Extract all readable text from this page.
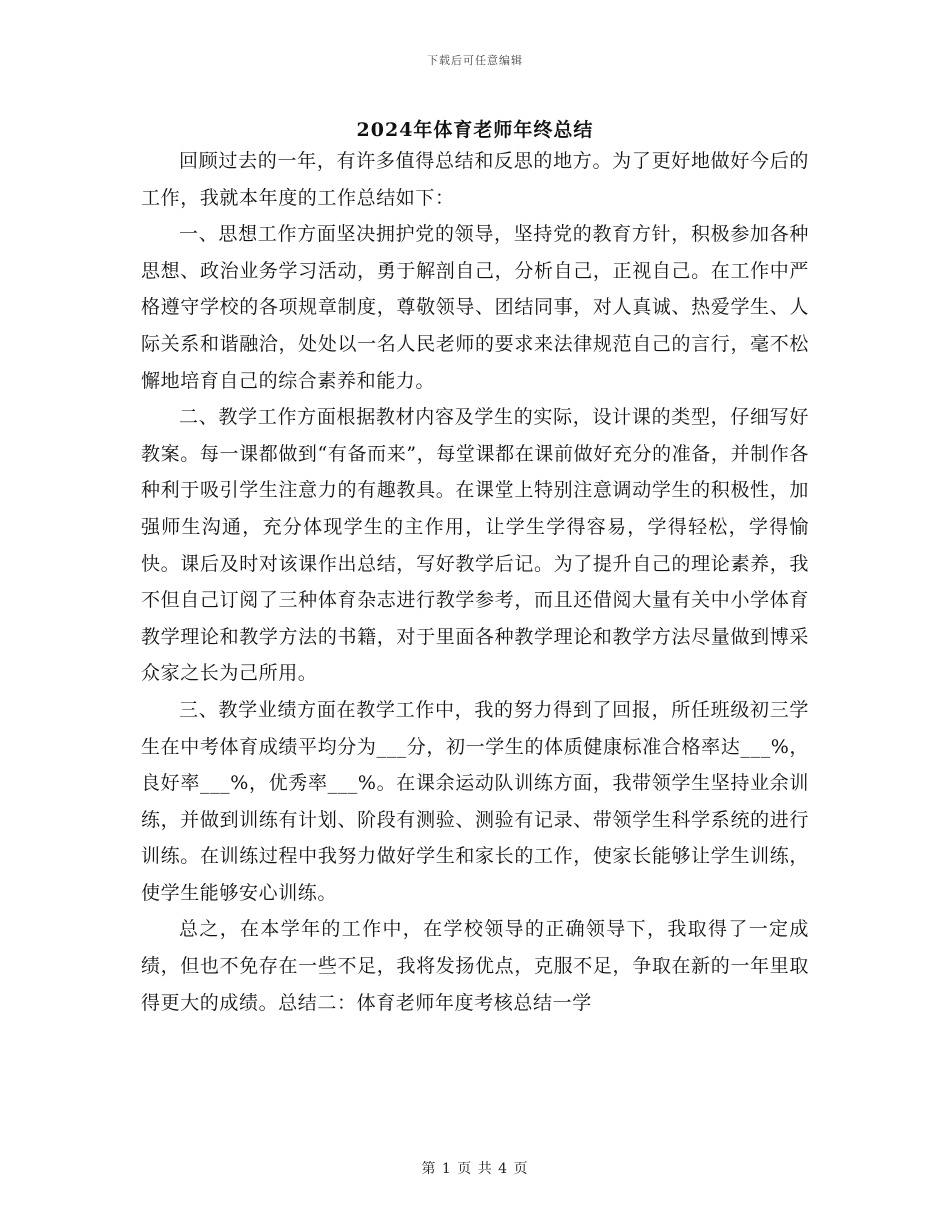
下载后可任意编辑
2024年体育老师年终总结

回顾过去的一年，有许多值得总结和反思的地方。为了更好地做好今后的工作，我就本年度的工作总结如下：

一、思想工作方面坚决拥护党的领导，坚持党的教育方针，积极参加各种思想、政治业务学习活动，勇于解剖自己，分析自己，正视自己。在工作中严格遵守学校的各项规章制度，尊敬领导、团结同事，对人真诚、热爱学生、人际关系和谐融洽，处处以一名人民老师的要求来法律规范自己的言行，毫不松懈地培育自己的综合素养和能力。

二、教学工作方面根据教材内容及学生的实际，设计课的类型，仔细写好教案。每一课都做到“有备而来”，每堂课都在课前做好充分的准备，并制作各种利于吸引学生注意力的有趣教具。在课堂上特别注意调动学生的积极性，加强师生沟通，充分体现学生的主作用，让学生学得容易，学得轻松，学得愉快。课后及时对该课作出总结，写好教学后记。为了提升自己的理论素养，我不但自己订阅了三种体育杂志进行教学参考，而且还借阅大量有关中小学体育教学理论和教学方法的书籍，对于里面各种教学理论和教学方法尽量做到博采众家之长为己所用。

三、教学业绩方面在教学工作中，我的努力得到了回报，所任班级初三学生在中考体育成绩平均分为___分，初一学生的体质健康标准合格率达___%，良好率___%，优秀率___%。在课余运动队训练方面，我带领学生坚持业余训练，并做到训练有计划、阶段有测验、测验有记录、带领学生科学系统的进行训练。在训练过程中我努力做好学生和家长的工作，使家长能够让学生训练，使学生能够安心训练。

总之，在本学年的工作中，在学校领导的正确领导下，我取得了一定成绩，但也不免存在一些不足，我将发扬优点，克服不足，争取在新的一年里取得更大的成绩。总结二：体育老师年度考核总结一学

第 1 页 共 4 页
